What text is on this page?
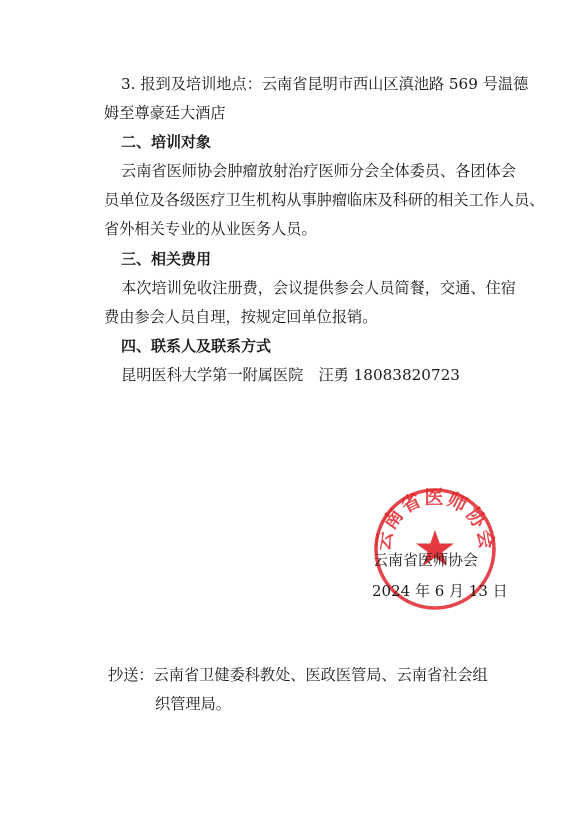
3. 报到及培训地点：云南省昆明市西山区滇池路 569 号温德
姆至尊豪廷大酒店
二、培训对象
云南省医师协会肿瘤放射治疗医师分会全体委员、各团体会
员单位及各级医疗卫生机构从事肿瘤临床及科研的相关工作人员、
省外相关专业的从业医务人员。
三、相关费用
本次培训免收注册费，会议提供参会人员简餐，交通、住宿
费由参会人员自理，按规定回单位报销。
四、联系人及联系方式
昆明医科大学第一附属医院　汪勇 18083820723
云南省医师协会
云南省医师协会
2024 年 6 月 13 日
抄送：云南省卫健委科教处、医政医管局、云南省社会组
织管理局。
